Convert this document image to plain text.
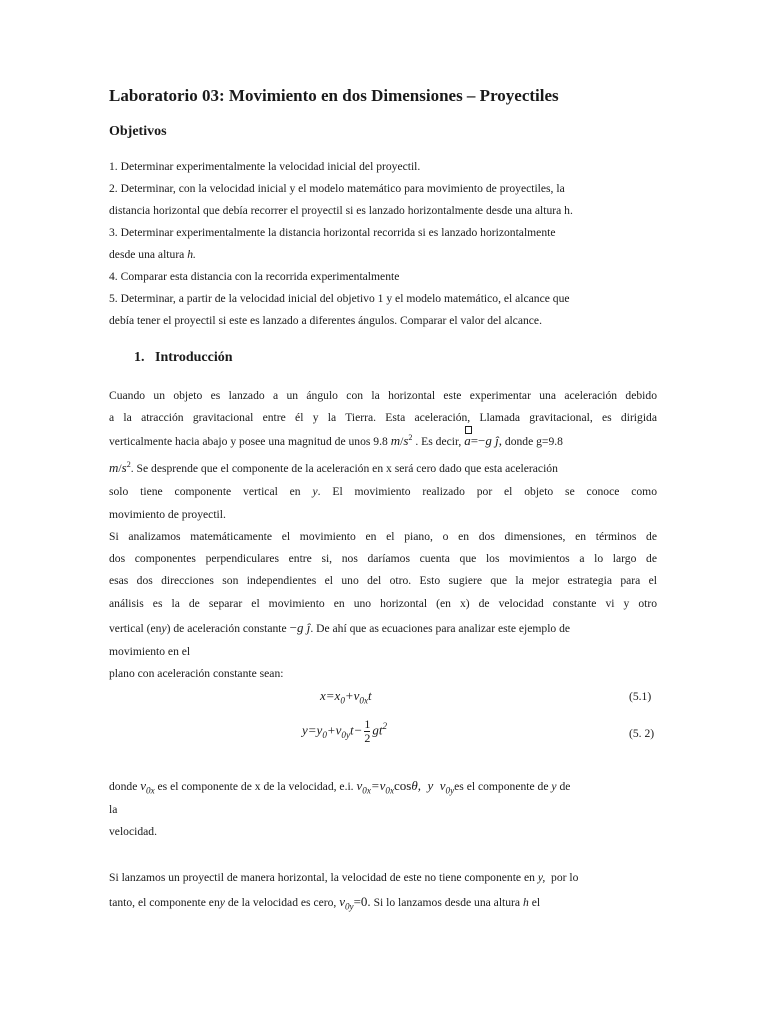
Laboratorio 03: Movimiento en dos Dimensiones – Proyectiles
Objetivos
1. Determinar experimentalmente la velocidad inicial del proyectil.
2. Determinar, con la velocidad inicial y el modelo matemático para movimiento de proyectiles, la
distancia horizontal que debía recorrer el proyectil si es lanzado horizontalmente desde una altura h.
3. Determinar experimentalmente la distancia horizontal recorrida si es lanzado horizontalmente
desde una altura h.
4. Comparar esta distancia con la recorrida experimentalmente
5. Determinar, a partir de la velocidad inicial del objetivo 1 y el modelo matemático, el alcance que
debía tener el proyectil si este es lanzado a diferentes ángulos. Comparar el valor del alcance.
1. Introducción
Cuando un objeto es lanzado a un ángulo con la horizontal este experimentar una aceleración debido
a la atracción gravitacional entre él y la Tierra. Esta aceleración, Llamada gravitacional, es dirigida
verticalmente hacia abajo y posee una magnitud de unos 9.8 $m/s^2$ . Es decir, a=−g ĵ, donde g=9.8
$m/s^2$. Se desprende que el componente de la aceleración en x será cero dado que esta aceleración
solo tiene componente vertical en y. El movimiento realizado por el objeto se conoce como
movimiento de proyectil.
Si analizamos matemáticamente el movimiento en el piano, o en dos dimensiones, en términos de
dos componentes perpendiculares entre si, nos daríamos cuenta que los movimientos a lo largo de
esas dos direcciones son independientes el uno del otro. Esto sugiere que la mejor estrategia para el
análisis es la de separar el movimiento en uno horizontal (en x) de velocidad constante vi y otro
vertical (eny) de aceleración constante −g ĵ. De ahí que as ecuaciones para analizar este ejemplo de
movimiento en el
plano con aceleración constante sean:
$x=x_0+v_{0x}t$	(5.1)
$y=y_0+v_{0y}t- \frac{1}{2} gt^2$
(5. 2)
donde $v_{0x}$ es el componente de x de la velocidad, e.i. $v_{0x}=v_{0x}\cos\theta$,  y  $v_{0y}es$ el componente de y de
la
velocidad.
Si lanzamos un proyectil de manera horizontal, la velocidad de este no tiene componente en y, por lo
tanto, el componente eny de la velocidad es cero, $v_{0y}=0$. Si lo lanzamos desde una altura h el
